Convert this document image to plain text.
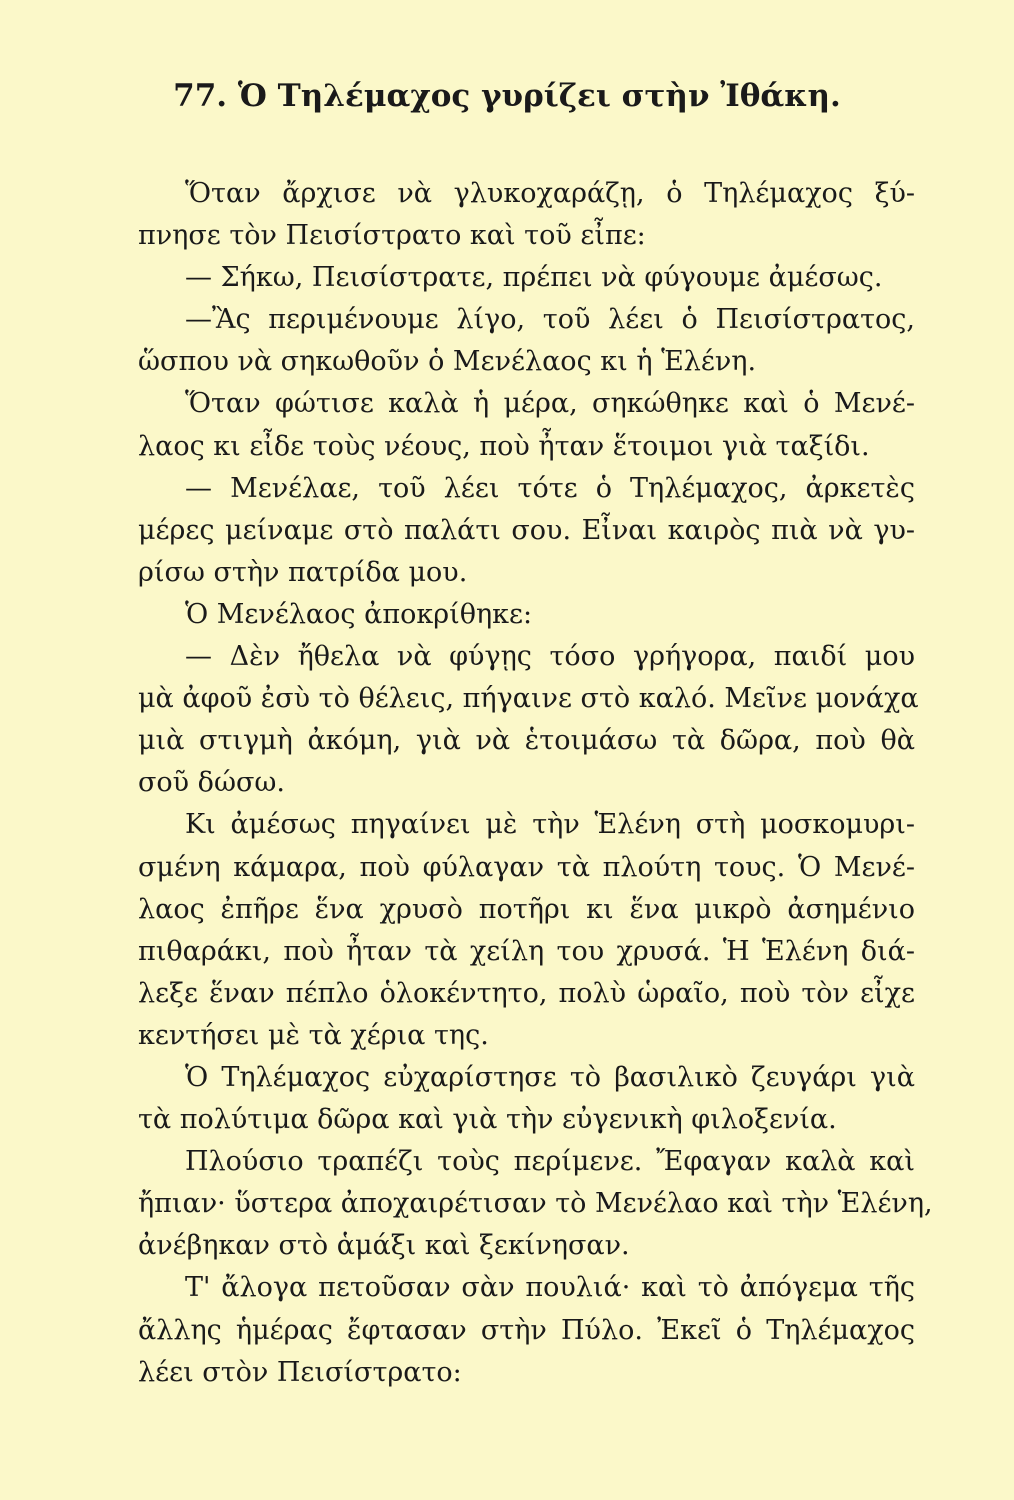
77. Ὁ Τηλέμαχος γυρίζει στὴν Ἰθάκη.
Ὅταν ἄρχισε νὰ γλυκοχαράζῃ, ὁ Τηλέμαχος ξύ-
πνησε τὸν Πεισίστρατο καὶ τοῦ εἶπε:
— Σήκω, Πεισίστρατε, πρέπει νὰ φύγουμε ἀμέσως.
—Ἂς περιμένουμε λίγο, τοῦ λέει ὁ Πεισίστρατος,
ὥσπου νὰ σηκωθοῦν ὁ Μενέλαος κι ἡ Ἑλένη.
Ὅταν φώτισε καλὰ ἡ μέρα, σηκώθηκε καὶ ὁ Μενέ-
λαος κι εἶδε τοὺς νέους, ποὺ ἦταν ἕτοιμοι γιὰ ταξίδι.
— Μενέλαε, τοῦ λέει τότε ὁ Τηλέμαχος, ἀρκετὲς
μέρες μείναμε στὸ παλάτι σου. Εἶναι καιρὸς πιὰ νὰ γυ-
ρίσω στὴν πατρίδα μου.
Ὁ Μενέλαος ἀποκρίθηκε:
— Δὲν ἤθελα νὰ φύγῃς τόσο γρήγορα, παιδί μου
μὰ ἀφοῦ ἐσὺ τὸ θέλεις, πήγαινε στὸ καλό. Μεῖνε μονάχα
μιὰ στιγμὴ ἀκόμη, γιὰ νὰ ἑτοιμάσω τὰ δῶρα, ποὺ θὰ
σοῦ δώσω.
Κι ἀμέσως πηγαίνει μὲ τὴν Ἑλένη στὴ μοσκομυρι-
σμένη κάμαρα, ποὺ φύλαγαν τὰ πλούτη τους. Ὁ Μενέ-
λαος ἐπῆρε ἕνα χρυσὸ ποτῆρι κι ἕνα μικρὸ ἀσημένιο
πιθαράκι, ποὺ ἦταν τὰ χείλη του χρυσά. Ἡ Ἑλένη διά-
λεξε ἕναν πέπλο ὁλοκέντητο, πολὺ ὡραῖο, ποὺ τὸν εἶχε
κεντήσει μὲ τὰ χέρια της.
Ὁ Τηλέμαχος εὐχαρίστησε τὸ βασιλικὸ ζευγάρι γιὰ
τὰ πολύτιμα δῶρα καὶ γιὰ τὴν εὐγενικὴ φιλοξενία.
Πλούσιο τραπέζι τοὺς περίμενε. Ἔφαγαν καλὰ καὶ
ἤπιαν· ὕστερα ἀποχαιρέτισαν τὸ Μενέλαο καὶ τὴν Ἑλένη,
ἀνέβηκαν στὸ ἁμάξι καὶ ξεκίνησαν.
Τ' ἄλογα πετοῦσαν σὰν πουλιά· καὶ τὸ ἀπόγεμα τῆς
ἄλλης ἡμέρας ἔφτασαν στὴν Πύλο. Ἐκεῖ ὁ Τηλέμαχος
λέει στὸν Πεισίστρατο:
